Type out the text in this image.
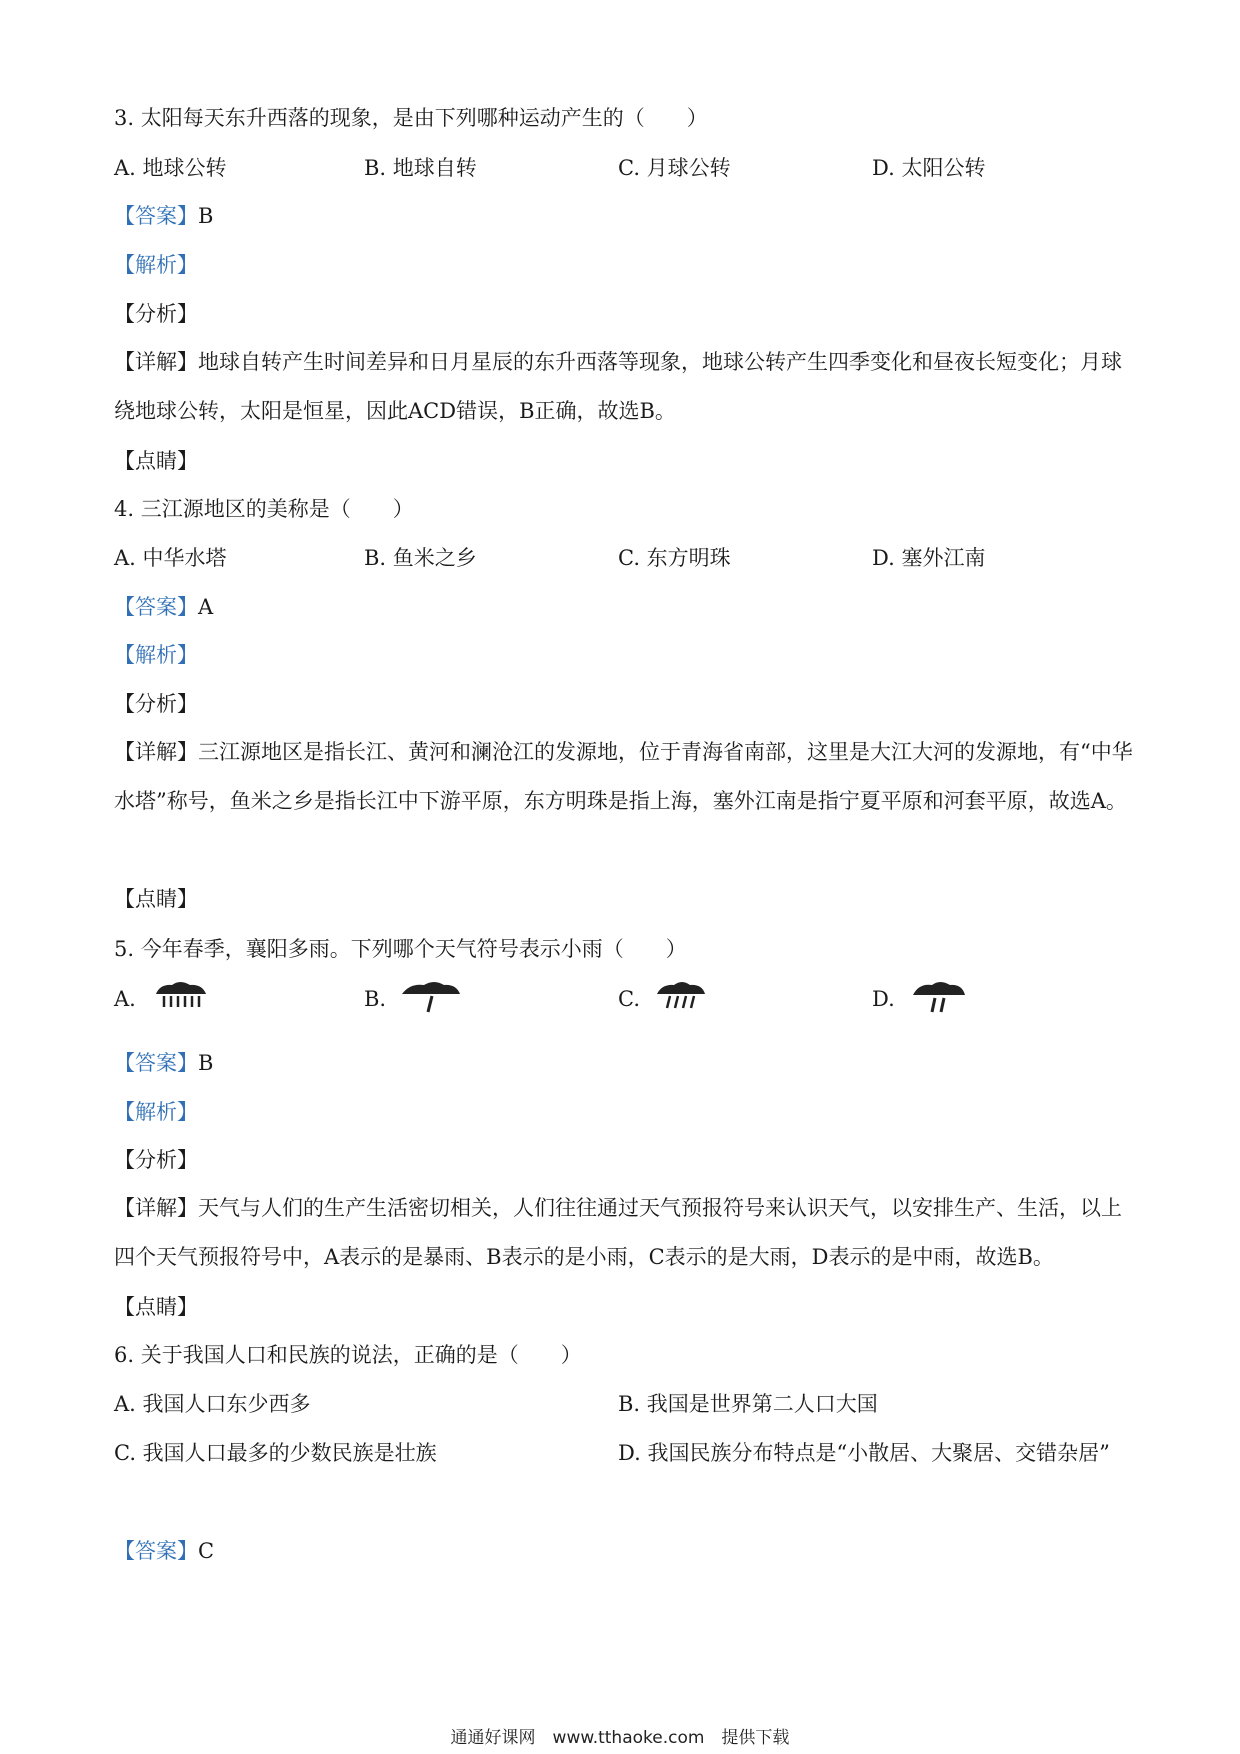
3. 太阳每天东升西落的现象，是由下列哪种运动产生的（　　）
A. 地球公转	B. 地球自转	C. 月球公转	D. 太阳公转
【答案】B
【解析】
【分析】
【详解】地球自转产生时间差异和日月星辰的东升西落等现象，地球公转产生四季变化和昼夜长短变化；月球绕地球公转，太阳是恒星，因此ACD错误，B正确，故选B。
【点睛】
4. 三江源地区的美称是（　　）
A. 中华水塔	B. 鱼米之乡	C. 东方明珠	D. 塞外江南
【答案】A
【解析】
【分析】
【详解】三江源地区是指长江、黄河和澜沧江的发源地，位于青海省南部，这里是大江大河的发源地，有“中华水塔”称号，鱼米之乡是指长江中下游平原，东方明珠是指上海，塞外江南是指宁夏平原和河套平原，故选A。
【点睛】
5. 今年春季，襄阳多雨。下列哪个天气符号表示小雨（　　）
A.	B.	C.	D.
【答案】B
【解析】
【分析】
【详解】天气与人们的生产生活密切相关，人们往往通过天气预报符号来认识天气，以安排生产、生活，以上四个天气预报符号中，A表示的是暴雨、B表示的是小雨，C表示的是大雨，D表示的是中雨，故选B。
【点睛】
6. 关于我国人口和民族的说法，正确的是（　　）
A. 我国人口东少西多	B. 我国是世界第二人口大国
C. 我国人口最多的少数民族是壮族	D. 我国民族分布特点是“小散居、大聚居、交错杂居”
【答案】C
通通好课网　www.tthaoke.com　提供下载
